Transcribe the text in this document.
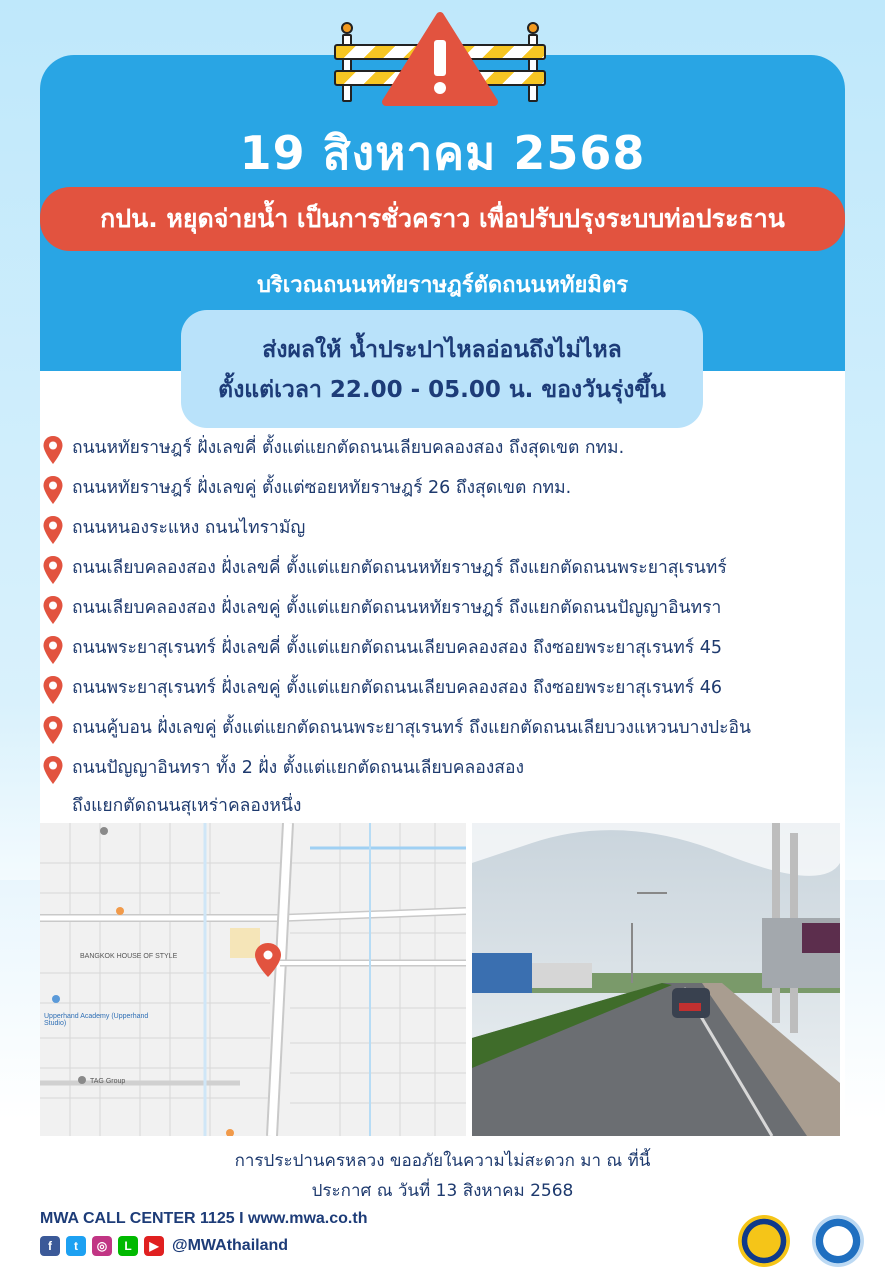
19 สิงหาคม 2568
กปน. หยุดจ่ายน้ำ เป็นการชั่วคราว เพื่อปรับปรุงระบบท่อประธาน
บริเวณถนนหทัยราษฎร์ตัดถนนหทัยมิตร
ส่งผลให้ น้ำประปาไหลอ่อนถึงไม่ไหล
ตั้งแต่เวลา 22.00 - 05.00 น. ของวันรุ่งขึ้น
ถนนหทัยราษฎร์ ฝั่งเลขคี่ ตั้งแต่แยกตัดถนนเลียบคลองสอง ถึงสุดเขต กทม.
ถนนหทัยราษฎร์ ฝั่งเลขคู่ ตั้งแต่ซอยหทัยราษฎร์ 26 ถึงสุดเขต กทม.
ถนนหนองระแหง ถนนไทรามัญ
ถนนเลียบคลองสอง ฝั่งเลขคี่ ตั้งแต่แยกตัดถนนหทัยราษฎร์ ถึงแยกตัดถนนพระยาสุเรนทร์
ถนนเลียบคลองสอง ฝั่งเลขคู่ ตั้งแต่แยกตัดถนนหทัยราษฎร์ ถึงแยกตัดถนนปัญญาอินทรา
ถนนพระยาสุเรนทร์ ฝั่งเลขคี่ ตั้งแต่แยกตัดถนนเลียบคลองสอง ถึงซอยพระยาสุเรนทร์ 45
ถนนพระยาสุเรนทร์ ฝั่งเลขคู่ ตั้งแต่แยกตัดถนนเลียบคลองสอง ถึงซอยพระยาสุเรนทร์ 46
ถนนคู้บอน ฝั่งเลขคู่ ตั้งแต่แยกตัดถนนพระยาสุเรนทร์ ถึงแยกตัดถนนเลียบวงแหวนบางปะอิน
ถนนปัญญาอินทรา ทั้ง 2 ฝั่ง ตั้งแต่แยกตัดถนนเลียบคลองสอง
ถึงแยกตัดถนนสุเหร่าคลองหนึ่ง
BANGKOK HOUSE OF STYLE
Upperhand Academy (Upperhand Studio)
TAG Group
การประปานครหลวง ขออภัยในความไม่สะดวก มา ณ ที่นี้
ประกาศ ณ วันที่ 13 สิงหาคม 2568
MWA CALL CENTER 1125 I www.mwa.co.th
f	t	◎	L	▶ @MWAthailand
